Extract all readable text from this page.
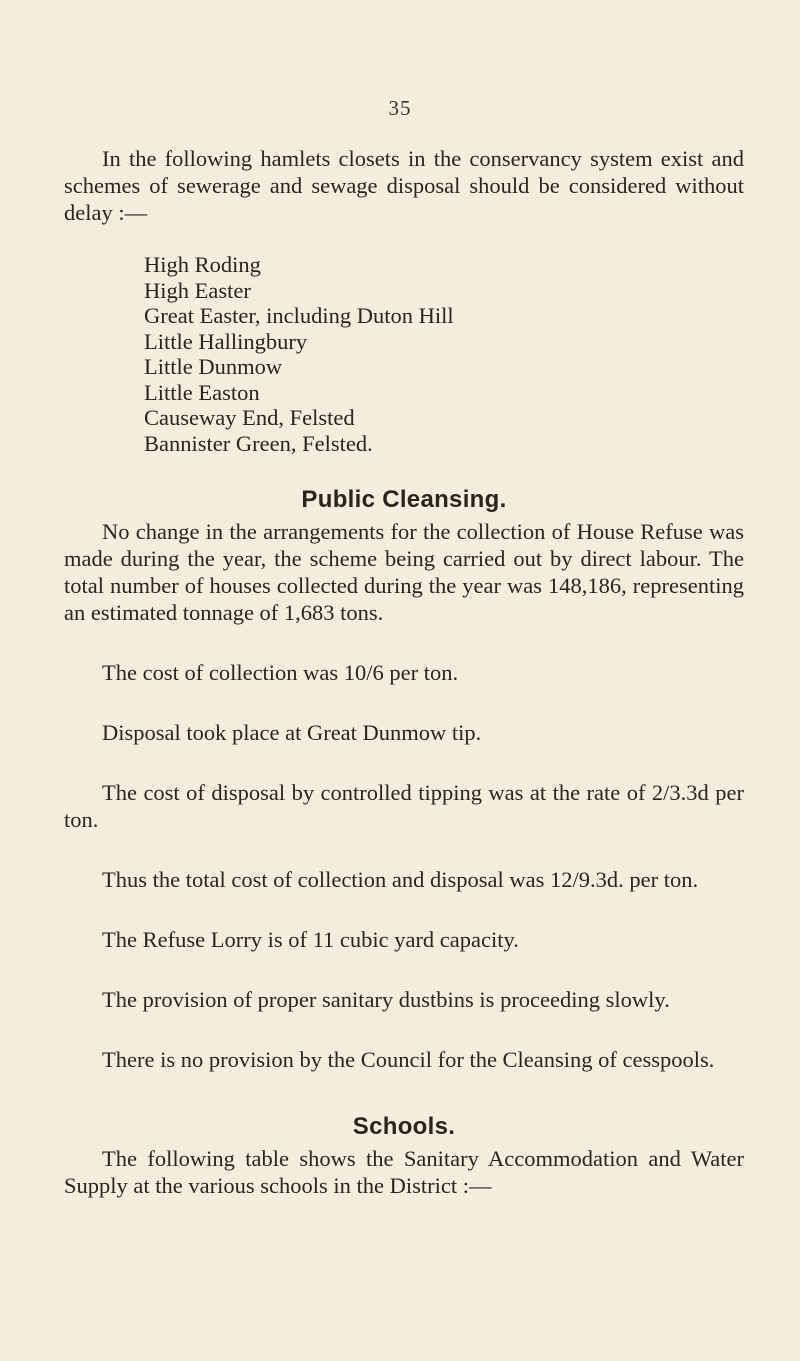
35

In the following hamlets closets in the conservancy system exist and schemes of sewerage and sewage disposal should be considered without delay :—

High Roding
High Easter
Great Easter, including Duton Hill
Little Hallingbury
Little Dunmow
Little Easton
Causeway End, Felsted
Bannister Green, Felsted.
Public Cleansing.

No change in the arrangements for the collection of House Refuse was made during the year, the scheme being carried out by direct labour. The total number of houses collected during the year was 148,186, representing an estimated tonnage of 1,683 tons.

The cost of collection was 10/6 per ton.

Disposal took place at Great Dunmow tip.

The cost of disposal by controlled tipping was at the rate of 2/3.3d per ton.

Thus the total cost of collection and disposal was 12/9.3d. per ton.

The Refuse Lorry is of 11 cubic yard capacity.

The provision of proper sanitary dustbins is proceeding slowly.

There is no provision by the Council for the Cleansing of cesspools.

Schools.

The following table shows the Sanitary Accommodation and Water Supply at the various schools in the District :—
